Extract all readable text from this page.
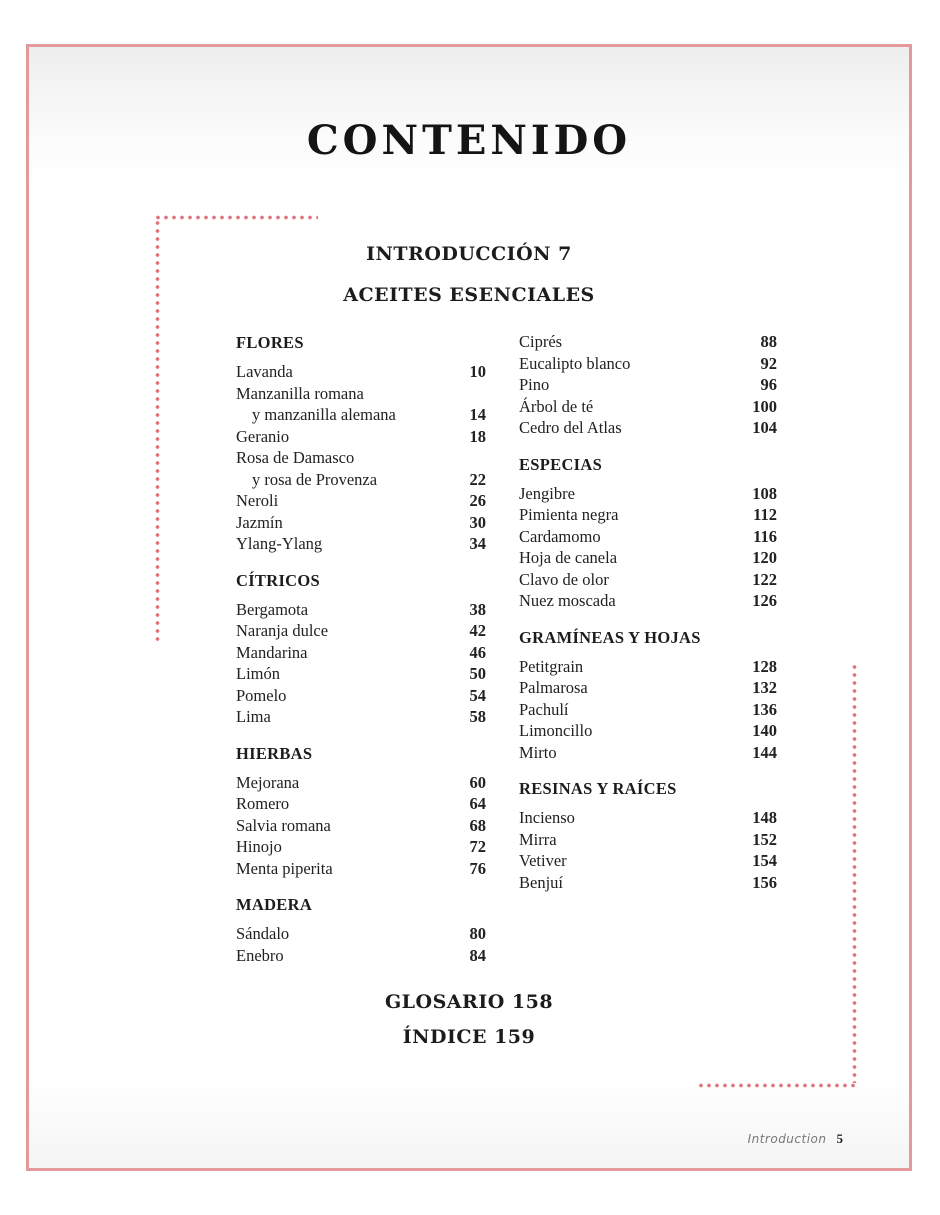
CONTENIDO
INTRODUCCIÓN 7
ACEITES ESENCIALES
FLORES
Lavanda	10
Manzanilla romana
y manzanilla alemana	14
Geranio	18
Rosa de Damasco
y rosa de Provenza	22
Neroli	26
Jazmín	30
Ylang-Ylang	34
CÍTRICOS
Bergamota	38
Naranja dulce	42
Mandarina	46
Limón	50
Pomelo	54
Lima	58
HIERBAS
Mejorana	60
Romero	64
Salvia romana	68
Hinojo	72
Menta piperita	76
MADERA
Sándalo	80
Enebro	84
Ciprés	88
Eucalipto blanco	92
Pino	96
Árbol de té	100
Cedro del Atlas	104
ESPECIAS
Jengibre	108
Pimienta negra	112
Cardamomo	116
Hoja de canela	120
Clavo de olor	122
Nuez moscada	126
GRAMÍNEAS Y HOJAS
Petitgrain	128
Palmarosa	132
Pachulí	136
Limoncillo	140
Mirto	144
RESINAS Y RAÍCES
Incienso	148
Mirra	152
Vetiver	154
Benjuí	156
GLOSARIO 158
ÍNDICE 159
Introduction 5
